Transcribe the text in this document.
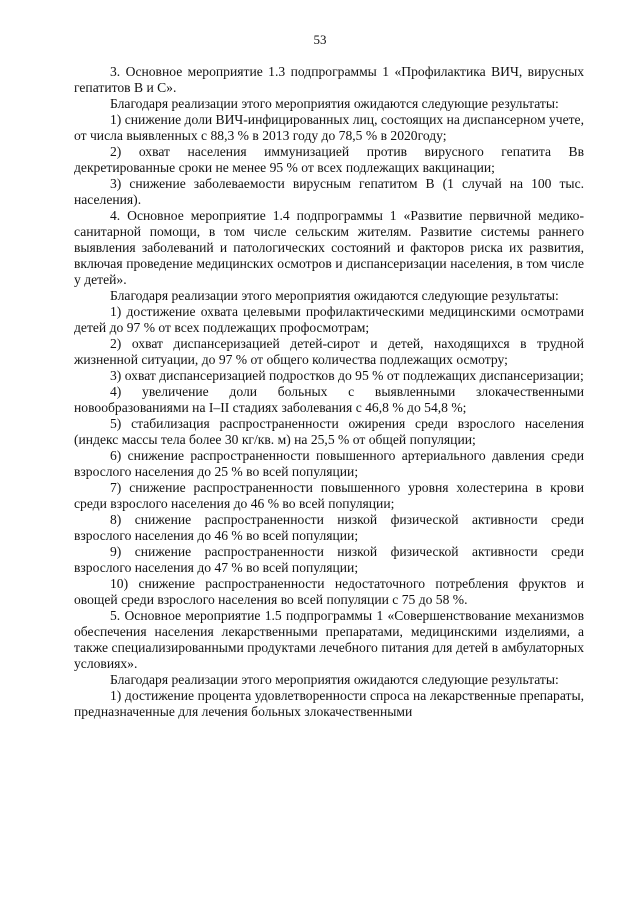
53

3. Основное мероприятие 1.3 подпрограммы 1 «Профилактика ВИЧ, вирусных гепатитов В и С».

Благодаря реализации этого мероприятия ожидаются следующие результаты:

1) снижение доли ВИЧ-инфицированных лиц, состоящих на диспансерном учете, от числа выявленных с 88,3 % в 2013 году до 78,5 % в 2020году;

2) охват населения иммунизацией против вирусного гепатита Вв декретированные сроки не менее 95 % от всех подлежащих вакцинации;

3) снижение заболеваемости вирусным гепатитом В (1 случай на 100 тыс. населения).

4. Основное мероприятие 1.4 подпрограммы 1 «Развитие первичной медико-санитарной помощи, в том числе сельским жителям. Развитие системы раннего выявления заболеваний и патологических состояний и факторов риска их развития, включая проведение медицинских осмотров и диспансеризации населения, в том числе у детей».

Благодаря реализации этого мероприятия ожидаются следующие результаты:

1) достижение охвата целевыми профилактическими медицинскими осмотрами детей до 97 % от всех подлежащих профосмотрам;

2) охват диспансеризацией детей-сирот и детей, находящихся в трудной жизненной ситуации, до 97 % от общего количества подлежащих осмотру;

3) охват диспансеризацией подростков до 95 % от подлежащих диспансеризации;

4) увеличение доли больных с выявленными злокачественными новообразованиями на I–II стадиях заболевания с 46,8 % до 54,8 %;

5) стабилизация распространенности ожирения среди взрослого населения (индекс массы тела более 30 кг/кв. м) на 25,5 % от общей популяции;

6) снижение распространенности повышенного артериального давления среди взрослого населения до 25 % во всей популяции;

7) снижение распространенности повышенного уровня холестерина в крови среди взрослого населения до 46 % во всей популяции;

8) снижение распространенности низкой физической активности среди взрослого населения до 46 % во всей популяции;

9) снижение распространенности низкой физической активности среди взрослого населения до 47 % во всей популяции;

10) снижение распространенности недостаточного потребления фруктов и овощей среди взрослого населения во всей популяции с 75 до 58 %.

5. Основное мероприятие 1.5 подпрограммы 1 «Совершенствование механизмов обеспечения населения лекарственными препаратами, медицинскими изделиями, а также специализированными продуктами лечебного питания для детей в амбулаторных условиях».

Благодаря реализации этого мероприятия ожидаются следующие результаты:

1) достижение процента удовлетворенности спроса на лекарственные препараты, предназначенные для лечения больных злокачественными
